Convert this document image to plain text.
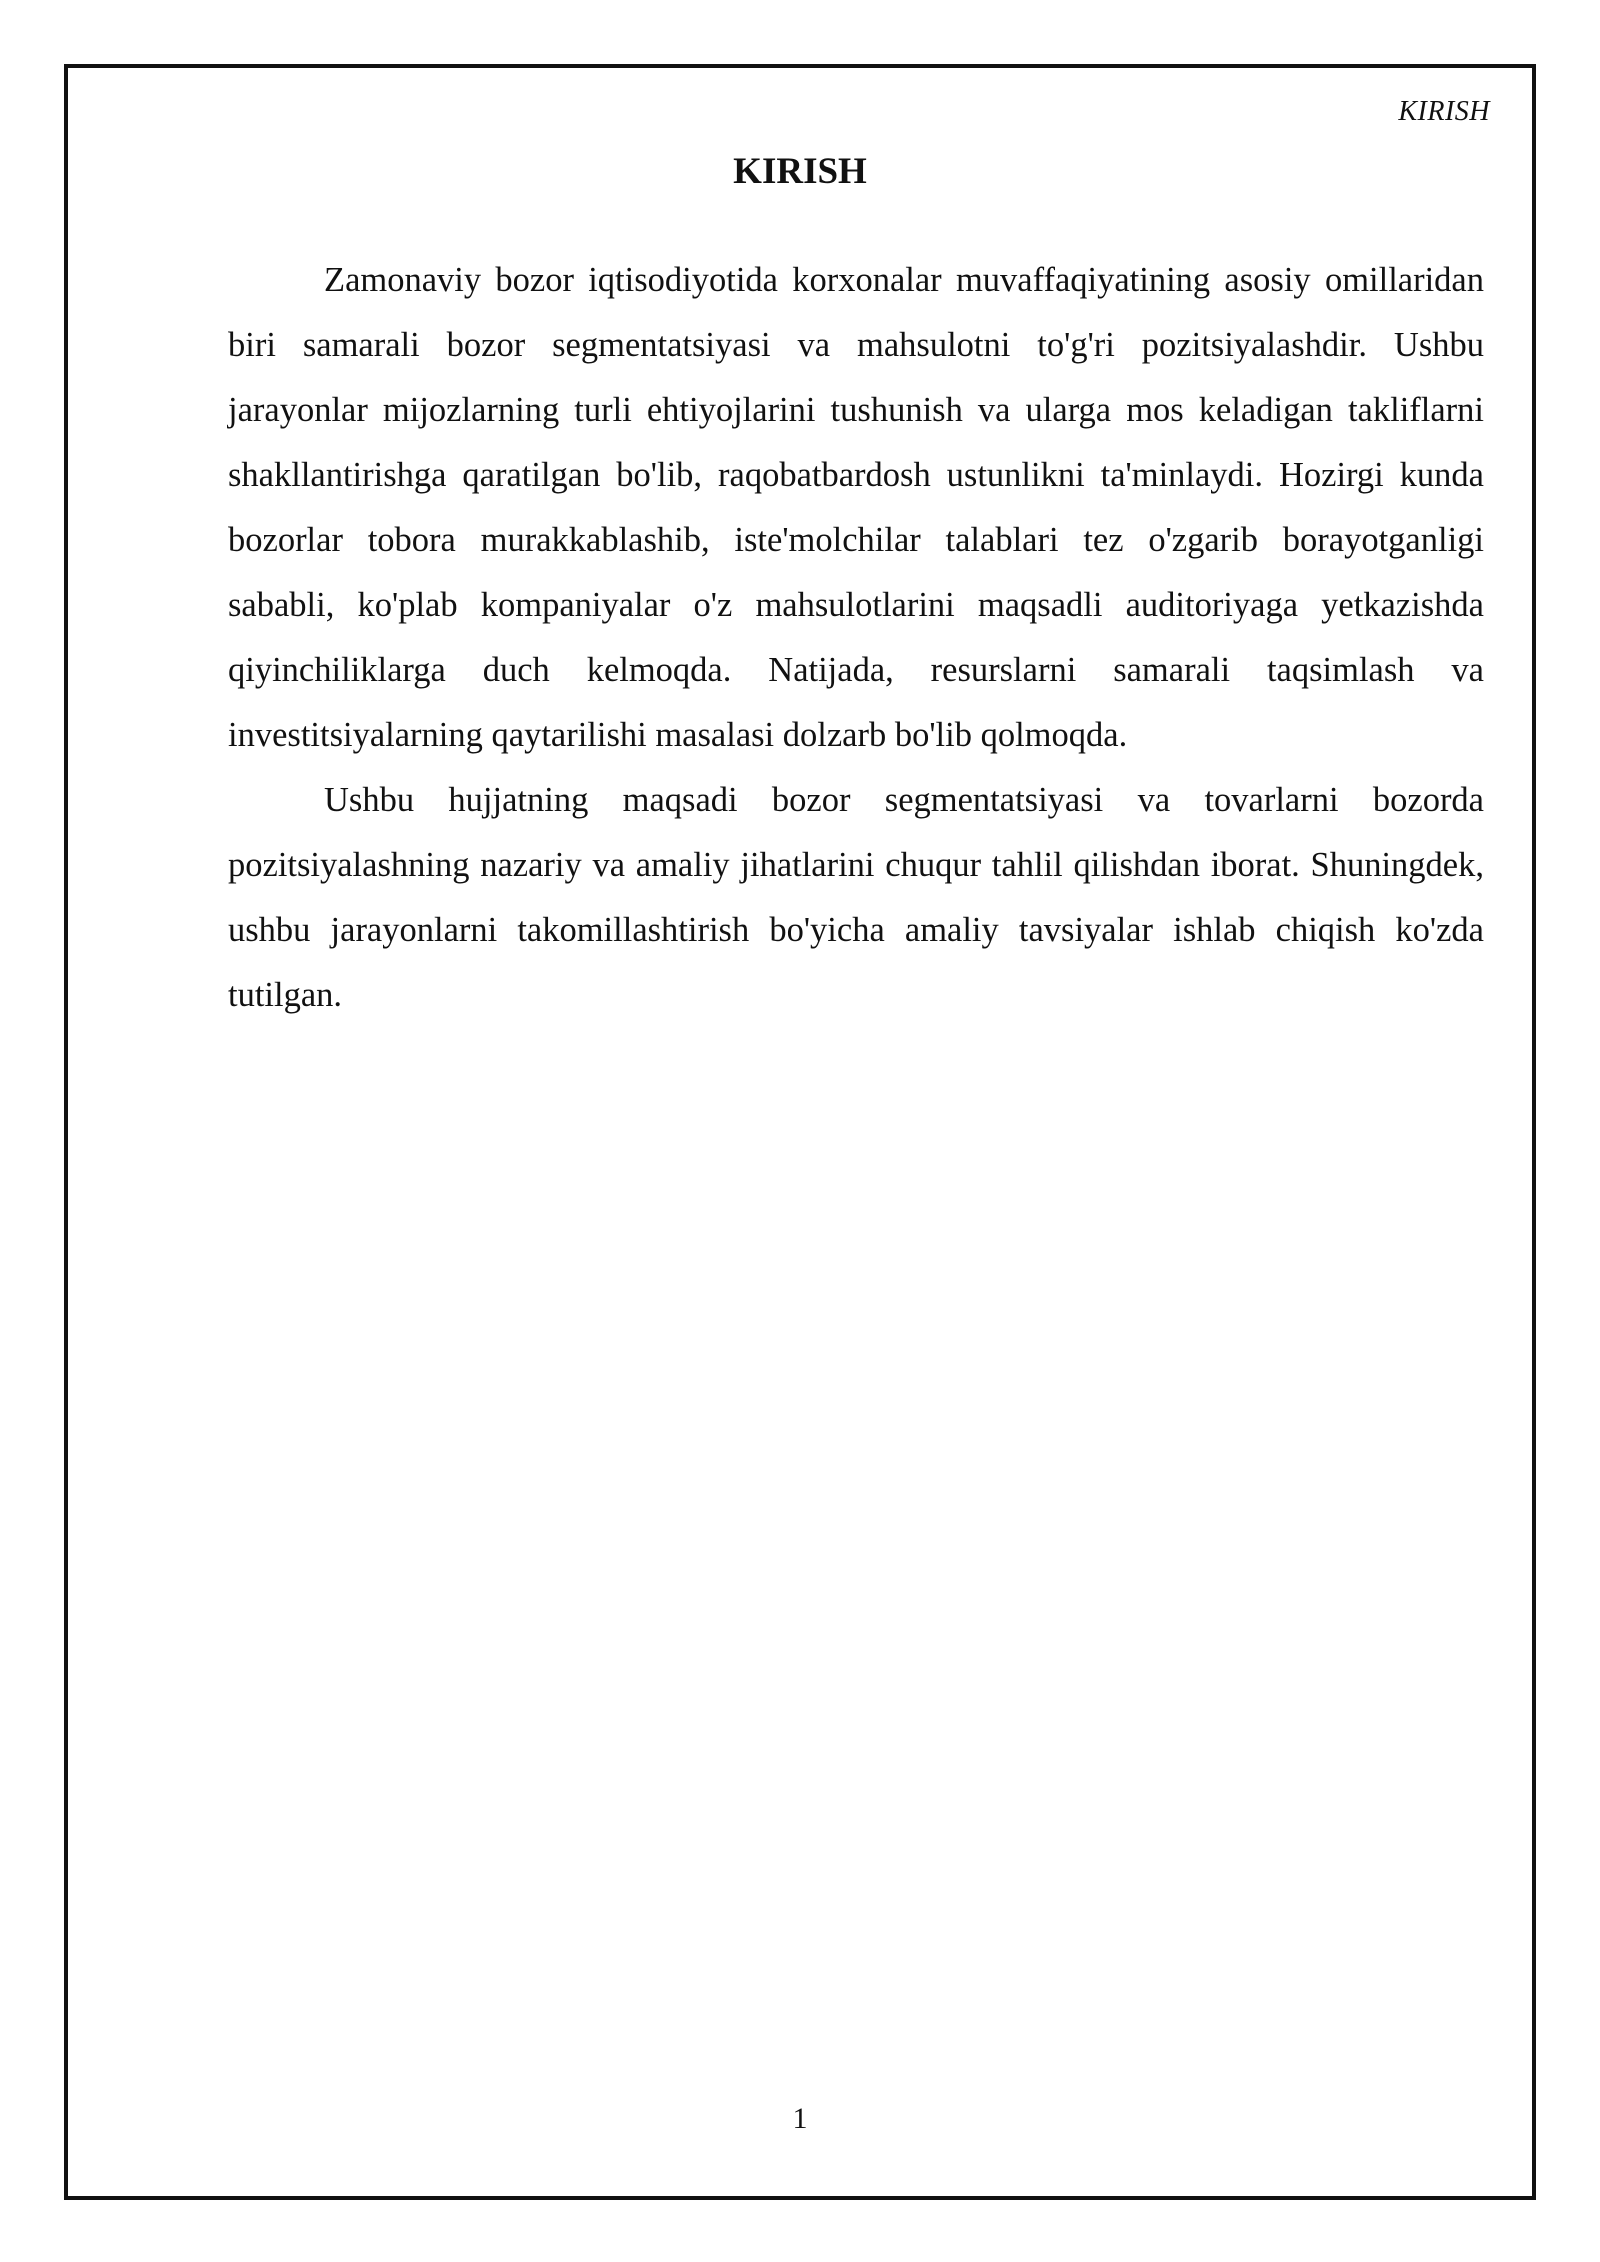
KIRISH
KIRISH

Zamonaviy bozor iqtisodiyotida korxonalar muvaffaqiyatining asosiy omillaridan biri samarali bozor segmentatsiyasi va mahsulotni to'g'ri pozitsiyalashdir. Ushbu jarayonlar mijozlarning turli ehtiyojlarini tushunish va ularga mos keladigan takliflarni shakllantirishga qaratilgan bo'lib, raqobatbardosh ustunlikni ta'minlaydi. Hozirgi kunda bozorlar tobora murakkablashib, iste'molchilar talablari tez o'zgarib borayotganligi sababli, ko'plab kompaniyalar o'z mahsulotlarini maqsadli auditoriyaga yetkazishda qiyinchiliklarga duch kelmoqda. Natijada, resurslarni samarali taqsimlash va investitsiyalarning qaytarilishi masalasi dolzarb bo'lib qolmoqda.

Ushbu hujjatning maqsadi bozor segmentatsiyasi va tovarlarni bozorda pozitsiyalashning nazariy va amaliy jihatlarini chuqur tahlil qilishdan iborat. Shuningdek, ushbu jarayonlarni takomillashtirish bo'yicha amaliy tavsiyalar ishlab chiqish ko'zda tutilgan.

1
